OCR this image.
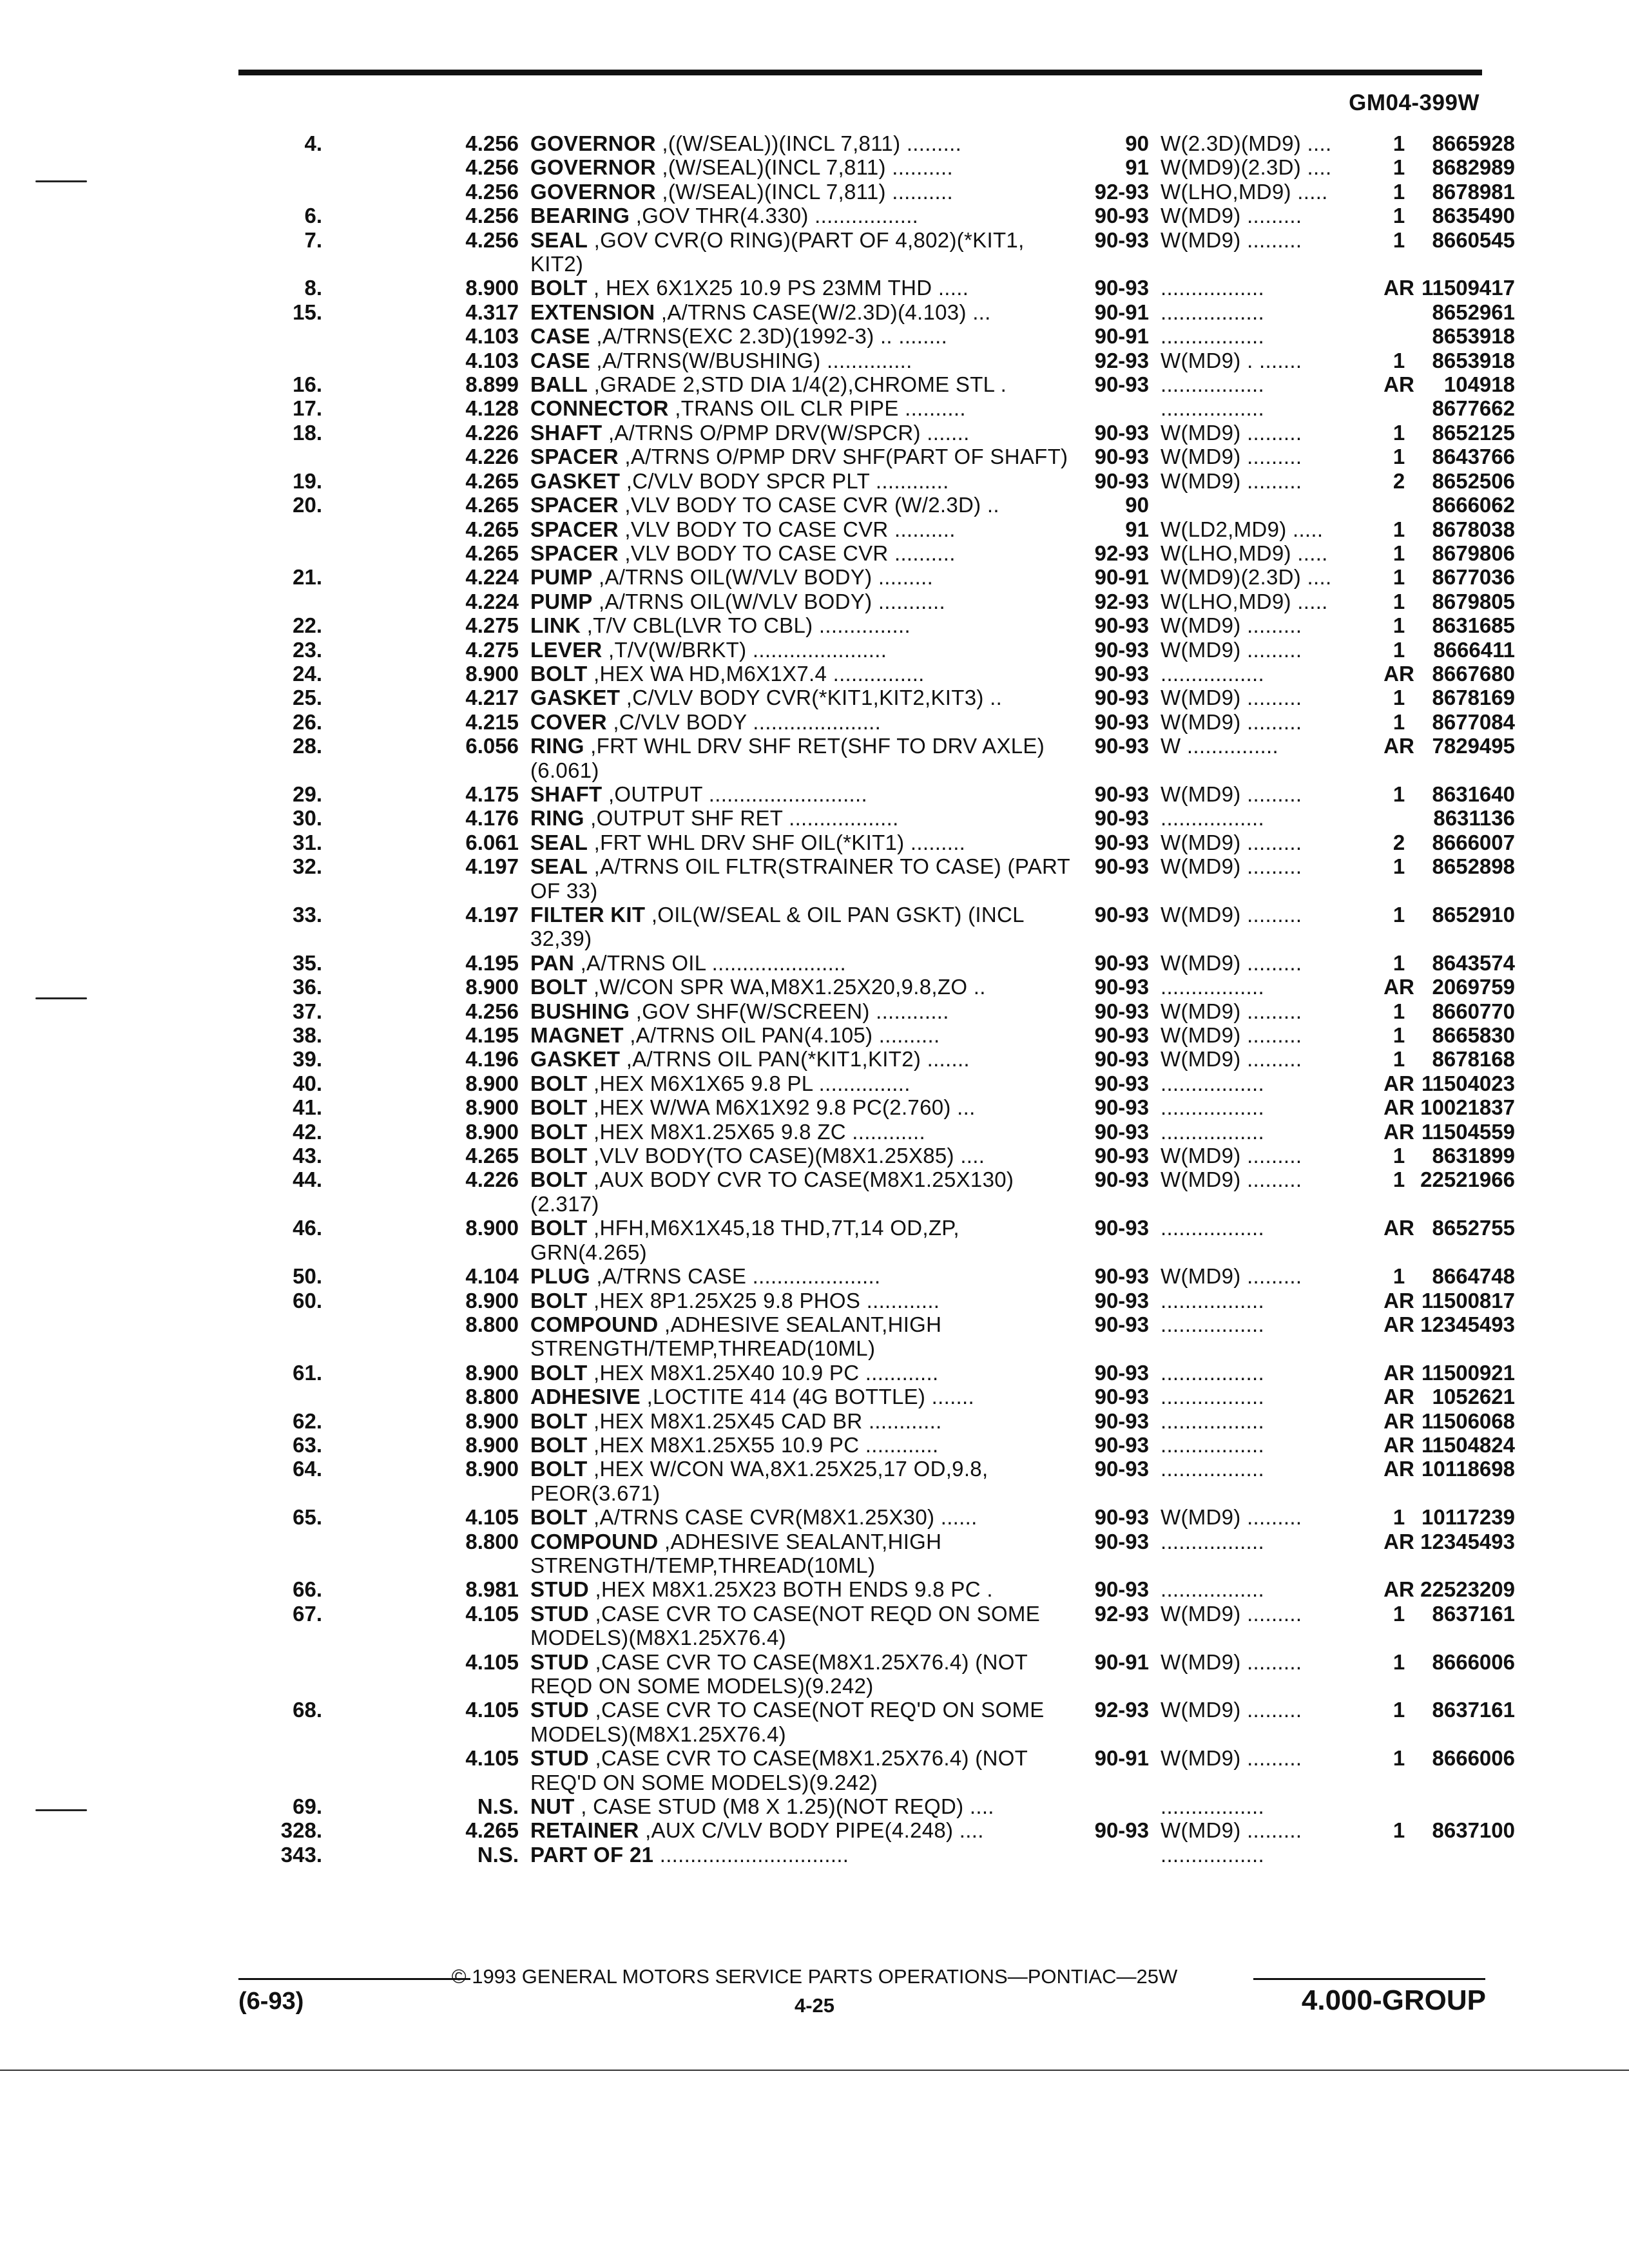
GM04-399W
4.	4.256	GOVERNOR ,((W/SEAL))(INCL 7,811) .........	90	W(2.3D)(MD9) ....	1	8665928
	4.256	GOVERNOR ,(W/SEAL)(INCL 7,811) ..........	91	W(MD9)(2.3D) ....	1	8682989
	4.256	GOVERNOR ,(W/SEAL)(INCL 7,811) ..........	92-93	W(LHO,MD9) .....	1	8678981
6.	4.256	BEARING ,GOV THR(4.330) .................	90-93	W(MD9) .........	1	8635490
7.	4.256	SEAL ,GOV CVR(O RING)(PART OF 4,802)(*KIT1, KIT2)	90-93	W(MD9) .........	1	8660545
8.	8.900	BOLT , HEX 6X1X25 10.9 PS 23MM THD .....	90-93	.................	AR	11509417
15.	4.317	EXTENSION ,A/TRNS CASE(W/2.3D)(4.103) ...	90-91	.................		8652961
	4.103	CASE ,A/TRNS(EXC 2.3D)(1992-3) .. ........	90-91	.................		8653918
	4.103	CASE ,A/TRNS(W/BUSHING) ..............	92-93	W(MD9) . .......	1	8653918
16.	8.899	BALL ,GRADE 2,STD DIA 1/4(2),CHROME STL .	90-93	.................	AR	104918
17.	4.128	CONNECTOR ,TRANS OIL CLR PIPE ..........		.................		8677662
18.	4.226	SHAFT ,A/TRNS O/PMP DRV(W/SPCR) .......	90-93	W(MD9) .........	1	8652125
	4.226	SPACER ,A/TRNS O/PMP DRV SHF(PART OF SHAFT)	90-93	W(MD9) .........	1	8643766
19.	4.265	GASKET ,C/VLV BODY SPCR PLT ............	90-93	W(MD9) .........	2	8652506
20.	4.265	SPACER ,VLV BODY TO CASE CVR (W/2.3D) ..	90			8666062
	4.265	SPACER ,VLV BODY TO CASE CVR ..........	91	W(LD2,MD9) .....	1	8678038
	4.265	SPACER ,VLV BODY TO CASE CVR ..........	92-93	W(LHO,MD9) .....	1	8679806
21.	4.224	PUMP ,A/TRNS OIL(W/VLV BODY) .........	90-91	W(MD9)(2.3D) ....	1	8677036
	4.224	PUMP ,A/TRNS OIL(W/VLV BODY) ...........	92-93	W(LHO,MD9) .....	1	8679805
22.	4.275	LINK ,T/V CBL(LVR TO CBL) ...............	90-93	W(MD9) .........	1	8631685
23.	4.275	LEVER ,T/V(W/BRKT) ......................	90-93	W(MD9) .........	1	8666411
24.	8.900	BOLT ,HEX WA HD,M6X1X7.4 ...............	90-93	.................	AR	8667680
25.	4.217	GASKET ,C/VLV BODY CVR(*KIT1,KIT2,KIT3) ..	90-93	W(MD9) .........	1	8678169
26.	4.215	COVER ,C/VLV BODY .....................	90-93	W(MD9) .........	1	8677084
28.	6.056	RING ,FRT WHL DRV SHF RET(SHF TO DRV AXLE)(6.061)	90-93	W ...............	AR	7829495
29.	4.175	SHAFT ,OUTPUT ..........................	90-93	W(MD9) .........	1	8631640
30.	4.176	RING ,OUTPUT SHF RET ..................	90-93	.................		8631136
31.	6.061	SEAL ,FRT WHL DRV SHF OIL(*KIT1) .........	90-93	W(MD9) .........	2	8666007
32.	4.197	SEAL ,A/TRNS OIL FLTR(STRAINER TO CASE) (PART OF 33)	90-93	W(MD9) .........	1	8652898
33.	4.197	FILTER KIT ,OIL(W/SEAL & OIL PAN GSKT) (INCL 32,39)	90-93	W(MD9) .........	1	8652910
35.	4.195	PAN ,A/TRNS OIL ......................	90-93	W(MD9) .........	1	8643574
36.	8.900	BOLT ,W/CON SPR WA,M8X1.25X20,9.8,ZO ..	90-93	.................	AR	2069759
37.	4.256	BUSHING ,GOV SHF(W/SCREEN) ............	90-93	W(MD9) .........	1	8660770
38.	4.195	MAGNET ,A/TRNS OIL PAN(4.105) ..........	90-93	W(MD9) .........	1	8665830
39.	4.196	GASKET ,A/TRNS OIL PAN(*KIT1,KIT2) .......	90-93	W(MD9) .........	1	8678168
40.	8.900	BOLT ,HEX M6X1X65 9.8 PL ...............	90-93	.................	AR	11504023
41.	8.900	BOLT ,HEX W/WA M6X1X92 9.8 PC(2.760) ...	90-93	.................	AR	10021837
42.	8.900	BOLT ,HEX M8X1.25X65 9.8 ZC ............	90-93	.................	AR	11504559
43.	4.265	BOLT ,VLV BODY(TO CASE)(M8X1.25X85) ....	90-93	W(MD9) .........	1	8631899
44.	4.226	BOLT ,AUX BODY CVR TO CASE(M8X1.25X130)(2.317)	90-93	W(MD9) .........	1	22521966
46.	8.900	BOLT ,HFH,M6X1X45,18 THD,7T,14 OD,ZP, GRN(4.265)	90-93	.................	AR	8652755
50.	4.104	PLUG ,A/TRNS CASE .....................	90-93	W(MD9) .........	1	8664748
60.	8.900	BOLT ,HEX 8P1.25X25 9.8 PHOS ............	90-93	.................	AR	11500817
	8.800	COMPOUND ,ADHESIVE SEALANT,HIGH STRENGTH/TEMP,THREAD(10ML)	90-93	.................	AR	12345493
61.	8.900	BOLT ,HEX M8X1.25X40 10.9 PC ............	90-93	.................	AR	11500921
	8.800	ADHESIVE ,LOCTITE 414 (4G BOTTLE) .......	90-93	.................	AR	1052621
62.	8.900	BOLT ,HEX M8X1.25X45 CAD BR ............	90-93	.................	AR	11506068
63.	8.900	BOLT ,HEX M8X1.25X55 10.9 PC ............	90-93	.................	AR	11504824
64.	8.900	BOLT ,HEX W/CON WA,8X1.25X25,17 OD,9.8, PEOR(3.671)	90-93	.................	AR	10118698
65.	4.105	BOLT ,A/TRNS CASE CVR(M8X1.25X30) ......	90-93	W(MD9) .........	1	10117239
	8.800	COMPOUND ,ADHESIVE SEALANT,HIGH STRENGTH/TEMP,THREAD(10ML)	90-93	.................	AR	12345493
66.	8.981	STUD ,HEX M8X1.25X23 BOTH ENDS 9.8 PC .	90-93	.................	AR	22523209
67.	4.105	STUD ,CASE CVR TO CASE(NOT REQD ON SOME MODELS)(M8X1.25X76.4)	92-93	W(MD9) .........	1	8637161
	4.105	STUD ,CASE CVR TO CASE(M8X1.25X76.4) (NOT REQD ON SOME MODELS)(9.242)	90-91	W(MD9) .........	1	8666006
68.	4.105	STUD ,CASE CVR TO CASE(NOT REQ'D ON SOME MODELS)(M8X1.25X76.4)	92-93	W(MD9) .........	1	8637161
	4.105	STUD ,CASE CVR TO CASE(M8X1.25X76.4) (NOT REQ'D ON SOME MODELS)(9.242)	90-91	W(MD9) .........	1	8666006
69.	N.S.	NUT , CASE STUD (M8 X 1.25)(NOT REQD) ....		.................		
328.	4.265	RETAINER ,AUX C/VLV BODY PIPE(4.248) ....	90-93	W(MD9) .........	1	8637100
343.	N.S.	PART OF 21 ...............................		.................		
© 1993 GENERAL MOTORS SERVICE PARTS OPERATIONS—PONTIAC—25W
(6-93)	4-25	4.000-GROUP
